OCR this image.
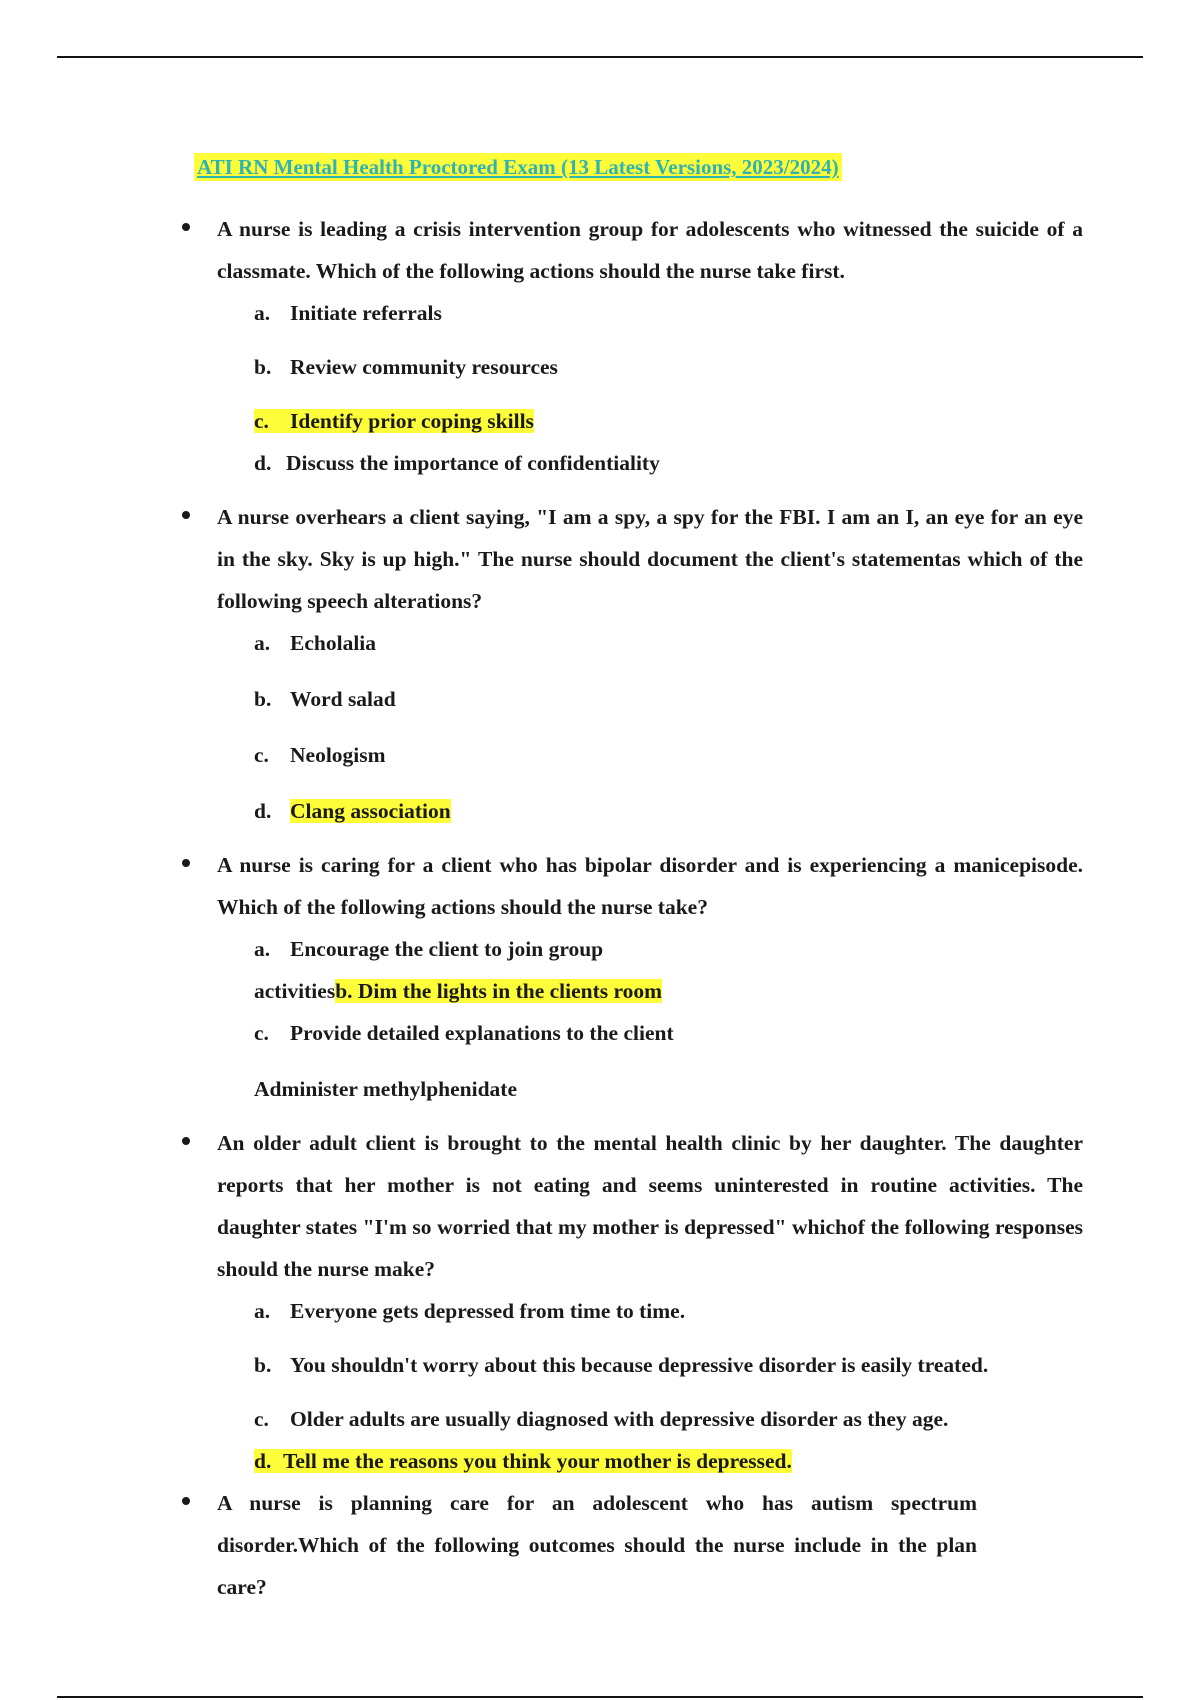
ATI RN Mental Health Proctored Exam (13 Latest Versions, 2023/2024)

A nurse is leading a crisis intervention group for adolescents who witnessed the suicide of a classmate. Which of the following actions should the nurse take first.

a. Initiate referrals
b. Review community resources
c. Identify prior coping skills
d. Discuss the importance of confidentiality

A nurse overhears a client saying, "I am a spy, a spy for the FBI. I am an I, an eye for an eye in the sky. Sky is up high." The nurse should document the client's statementas which of the following speech alterations?

a. Echolalia
b. Word salad
c. Neologism
d. Clang association

A nurse is caring for a client who has bipolar disorder and is experiencing a manicepisode. Which of the following actions should the nurse take?

a. Encourage the client to join group
activitiesb. Dim the lights in the clients room
c. Provide detailed explanations to the client
Administer methylphenidate

An older adult client is brought to the mental health clinic by her daughter. The daughter reports that her mother is not eating and seems uninterested in routine activities. The daughter states "I'm so worried that my mother is depressed" whichof the following responses should the nurse make?

a. Everyone gets depressed from time to time.
b. You shouldn't worry about this because depressive disorder is easily treated.
c. Older adults are usually diagnosed with depressive disorder as they age.
d. Tell me the reasons you think your mother is depressed.

A nurse is planning care for an adolescent who has autism spectrum disorder.Which of the following outcomes should the nurse include in the plan care?
